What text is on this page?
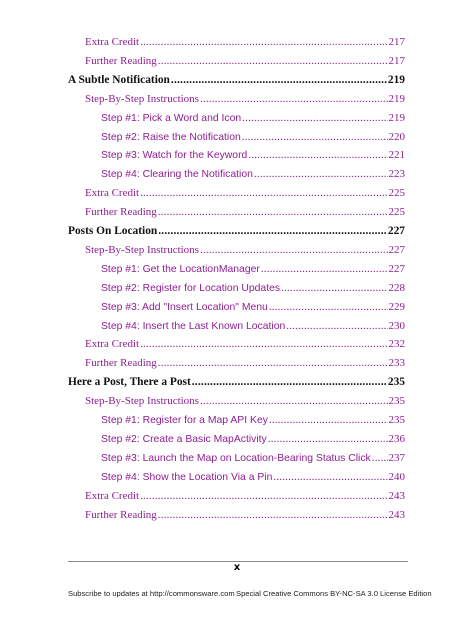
Extra Credit .....	217
Further Reading .....	217
A Subtle Notification .....	219
Step-By-Step Instructions .....	219
Step #1: Pick a Word and Icon .....	219
Step #2: Raise the Notification .....	220
Step #3: Watch for the Keyword .....	221
Step #4: Clearing the Notification .....	223
Extra Credit .....	225
Further Reading .....	225
Posts On Location .....	227
Step-By-Step Instructions .....	227
Step #1: Get the LocationManager .....	227
Step #2: Register for Location Updates .....	228
Step #3: Add "Insert Location" Menu .....	229
Step #4: Insert the Last Known Location .....	230
Extra Credit .....	232
Further Reading .....	233
Here a Post, There a Post .....	235
Step-By-Step Instructions .....	235
Step #1: Register for a Map API Key .....	235
Step #2: Create a Basic MapActivity .....	236
Step #3: Launch the Map on Location-Bearing Status Click ..... 237
Step #4: Show the Location Via a Pin .....	240
Extra Credit .....	243
Further Reading .....	243
x
Subscribe to updates at http://commonsware.com Special Creative Commons BY-NC-SA 3.0 License Edition
